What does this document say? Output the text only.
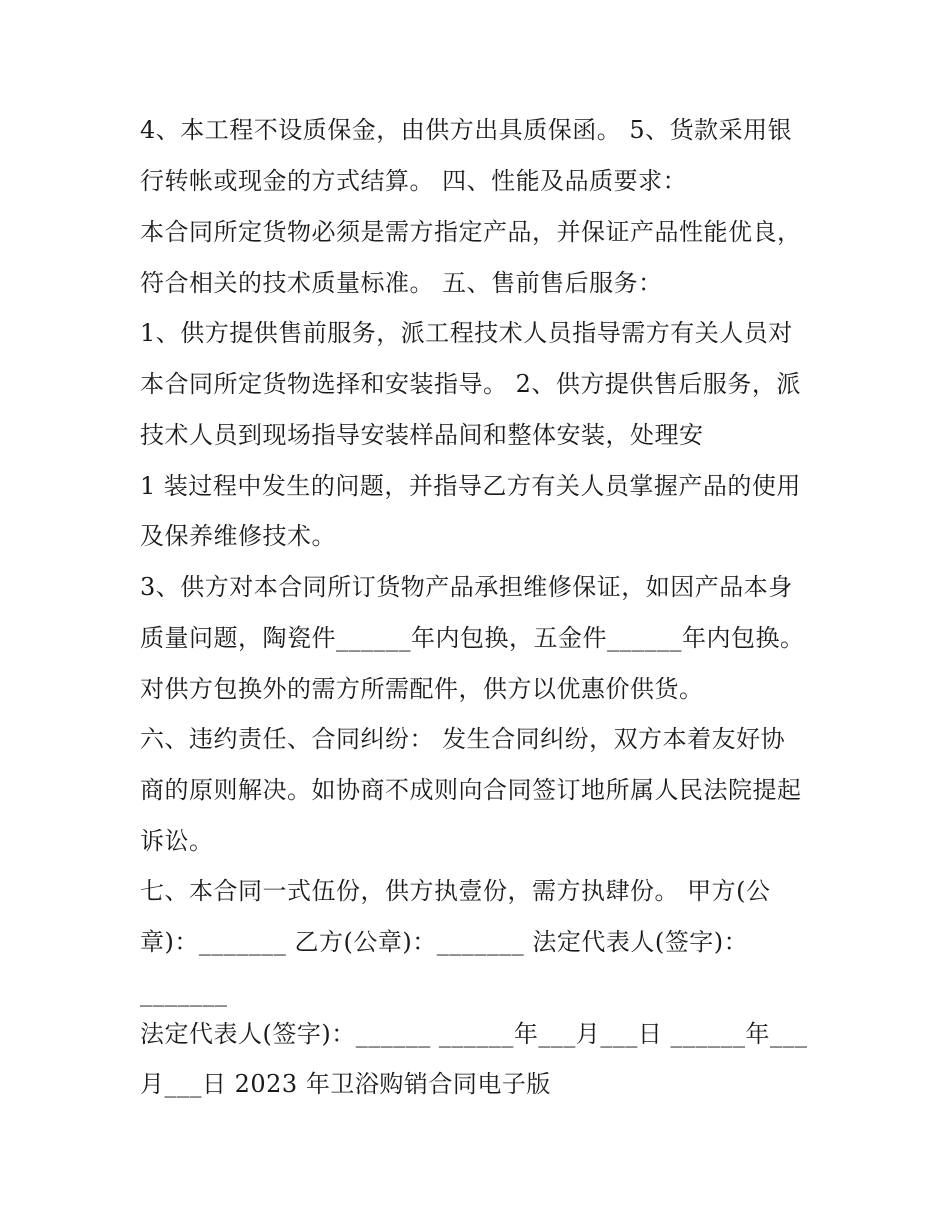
4、本工程不设质保金，由供方出具质保函。 5、货款采用银
行转帐或现金的方式结算。 四、性能及品质要求：
本合同所定货物必须是需方指定产品，并保证产品性能优良，
符合相关的技术质量标准。 五、售前售后服务：
1、供方提供售前服务，派工程技术人员指导需方有关人员对
本合同所定货物选择和安装指导。 2、供方提供售后服务，派
技术人员到现场指导安装样品间和整体安装，处理安
1 装过程中发生的问题，并指导乙方有关人员掌握产品的使用
及保养维修技术。
3、供方对本合同所订货物产品承担维修保证，如因产品本身
质量问题，陶瓷件______年内包换，五金件______年内包换。
对供方包换外的需方所需配件，供方以优惠价供货。
六、违约责任、合同纠纷： 发生合同纠纷，双方本着友好协
商的原则解决。如协商不成则向合同签订地所属人民法院提起
诉讼。
七、本合同一式伍份，供方执壹份，需方执肆份。 甲方(公
章)：_______ 乙方(公章)：_______ 法定代表人(签字)：
_______
法定代表人(签字)：______ ______年___月___日 ______年___
月___日 2023 年卫浴购销合同电子版
